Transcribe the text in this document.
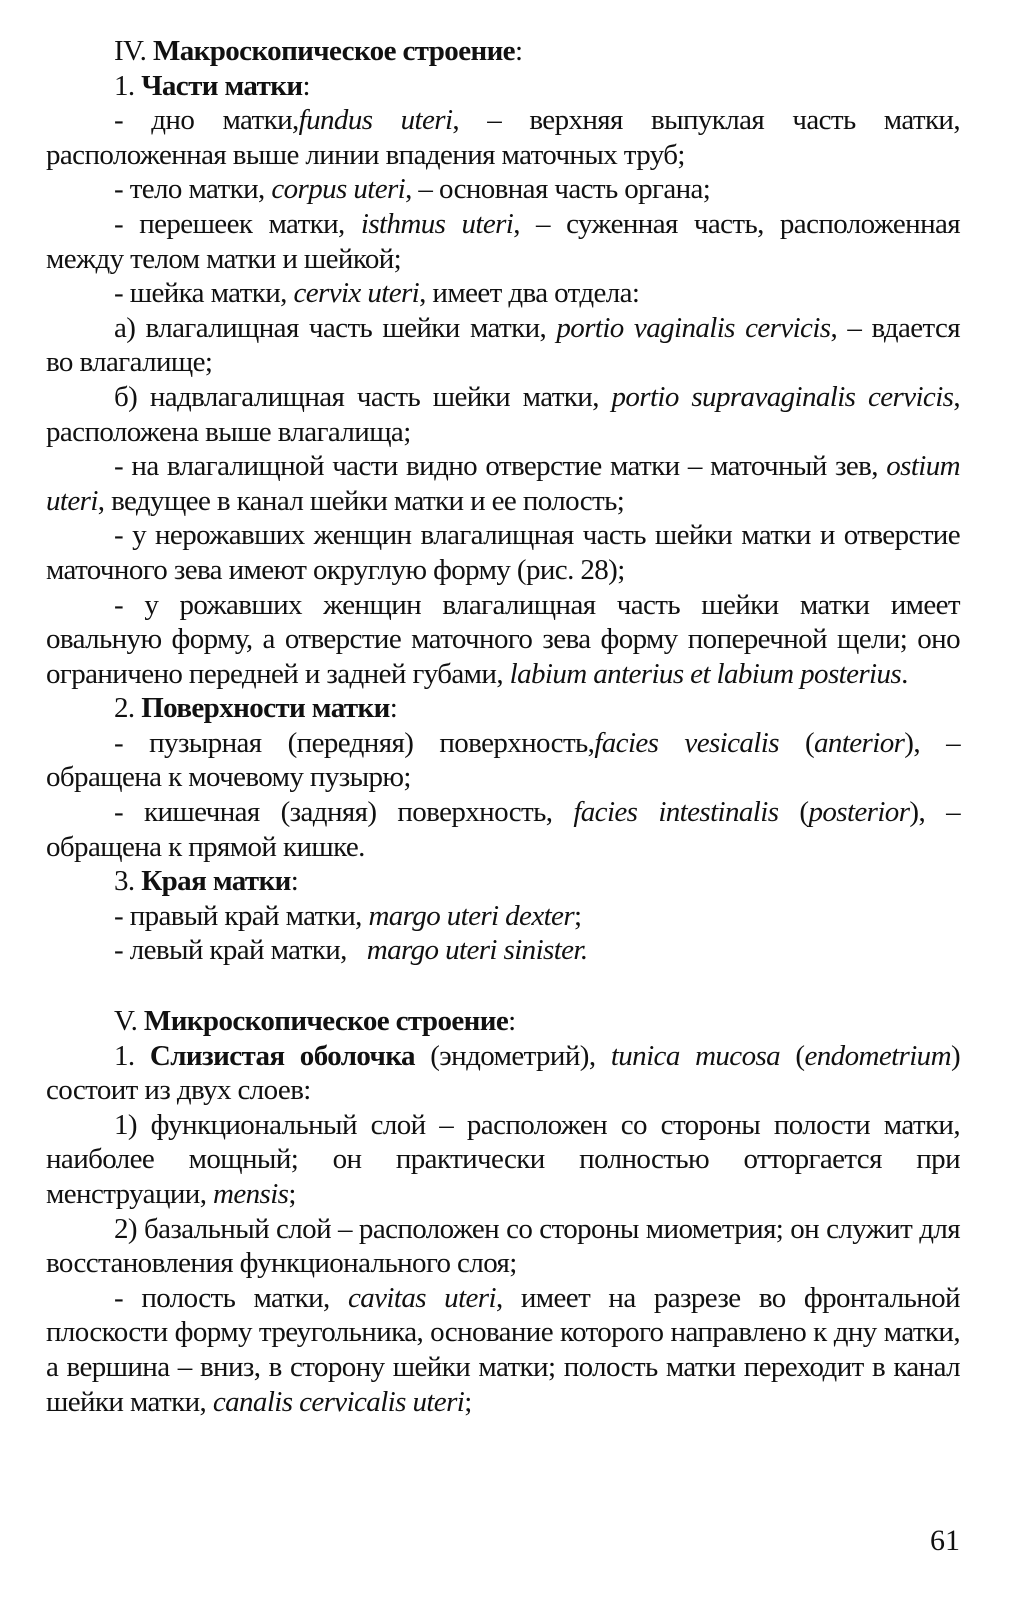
IV. Макроскопическое строение:

1. Части матки:

- дно матки,fundus uteri, – верхняя выпуклая часть матки, расположенная выше линии впадения маточных труб;

- тело матки, corpus uteri, – основная часть органа;

- перешеек матки, isthmus uteri, – суженная часть, расположенная между телом матки и шейкой;

- шейка матки, cervix uteri, имеет два отдела:

а) влагалищная часть шейки матки, portio vaginalis cervicis, – вдается во влагалище;

б) надвлагалищная часть шейки матки, portio supravaginalis cervicis, расположена выше влагалища;

- на влагалищной части видно отверстие матки – маточный зев, ostium uteri, ведущее в канал шейки матки и ее полость;

- у нерожавших женщин влагалищная часть шейки матки и отверстие маточного зева имеют округлую форму (рис. 28);

- у рожавших женщин влагалищная часть шейки матки имеет овальную форму, а отверстие маточного зева форму поперечной щели; оно ограничено передней и задней губами, labium anterius et labium posterius.

2. Поверхности матки:

- пузырная (передняя) поверхность,facies vesicalis (anterior), – обращена к мочевому пузырю;

- кишечная (задняя) поверхность, facies intestinalis (posterior), – обращена к прямой кишке.

3. Края матки:

- правый край матки, margo uteri dexter;

- левый край матки,   margo uteri sinister.

V. Микроскопическое строение:

1. Слизистая оболочка (эндометрий), tunica mucosa (endometrium) состоит из двух слоев:

1) функциональный слой – расположен со стороны полости матки, наиболее мощный; он практически полностью отторгается при менструации, mensis;

2) базальный слой – расположен со стороны миометрия; он служит для восстановления функционального слоя;

- полость матки, cavitas uteri, имеет на разрезе во фронтальной плоскости форму треугольника, основание которого направлено к дну матки, а вершина – вниз, в сторону шейки матки; полость матки переходит в канал шейки матки, canalis cervicalis uteri;

61
